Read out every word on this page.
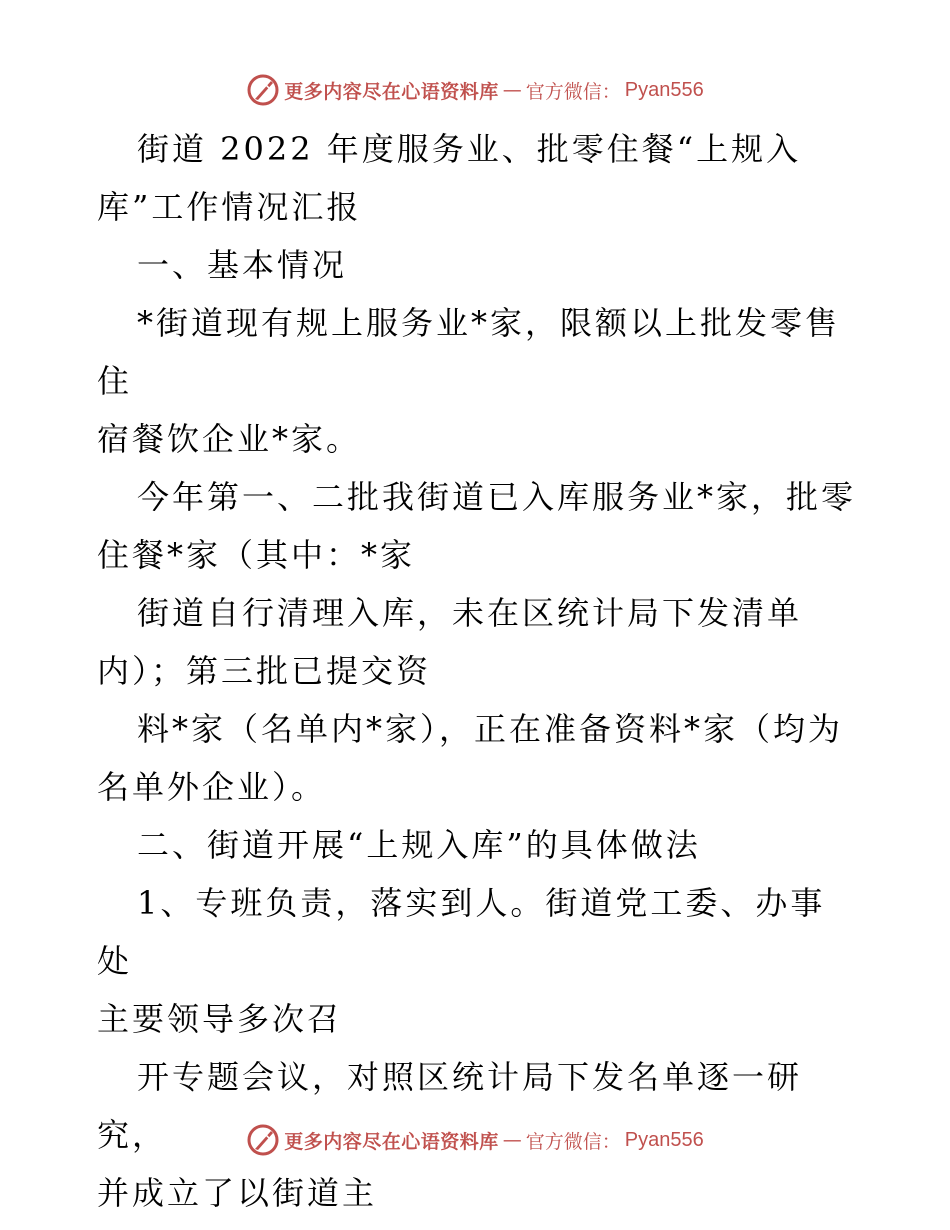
更多内容尽在心语资料库 — 官方微信： Pyan556

街道 2022 年度服务业、批零住餐“上规入
库”工作情况汇报

一、基本情况

*街道现有规上服务业*家，限额以上批发零售住
宿餐饮企业*家。

今年第一、二批我街道已入库服务业*家，批零
住餐*家（其中：*家

街道自行清理入库，未在区统计局下发清单
内）；第三批已提交资

料*家（名单内*家），正在准备资料*家（均为
名单外企业）。

二、街道开展“上规入库”的具体做法

1、专班负责，落实到人。街道党工委、办事处
主要领导多次召

开专题会议，对照区统计局下发名单逐一研究，
并成立了以街道主

更多内容尽在心语资料库 — 官方微信： Pyan556
